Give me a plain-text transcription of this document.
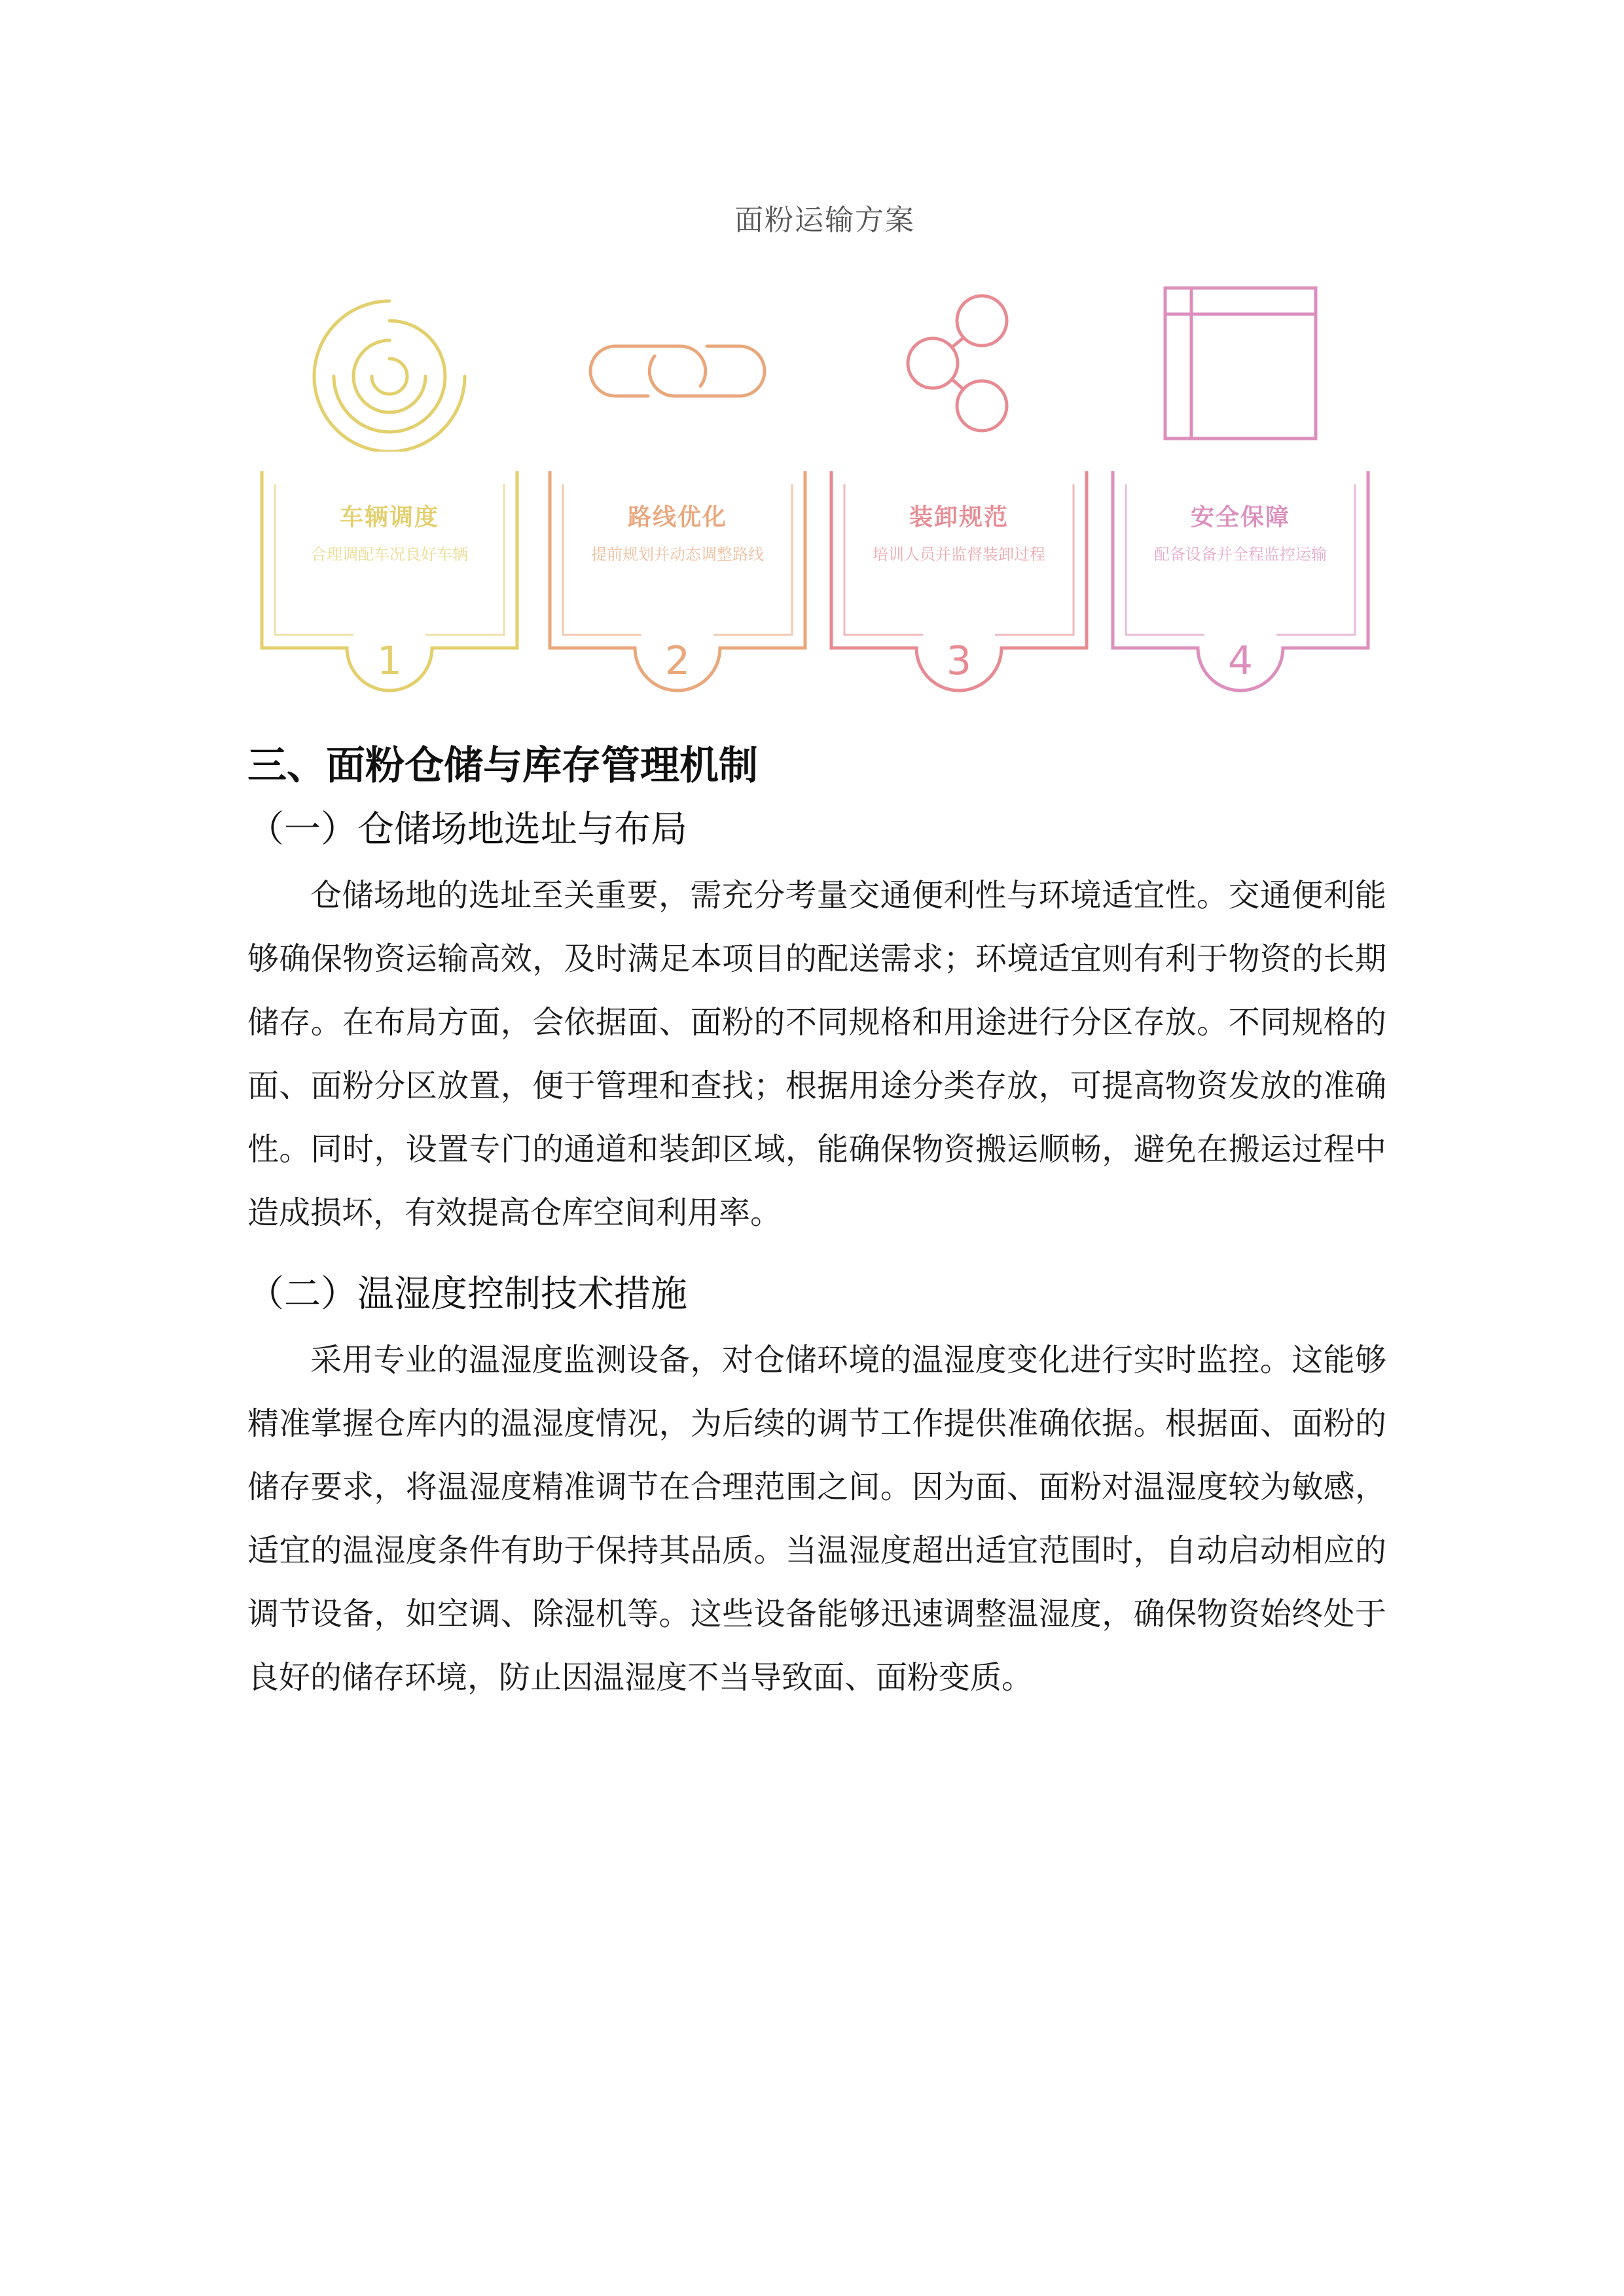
面粉运输方案
车辆调度
合理调配车况良好车辆
1
路线优化
提前规划并动态调整路线
2
装卸规范
培训人员并监督装卸过程
3
安全保障
配备设备并全程监控运输
4
三、面粉仓储与库存管理机制
（一）仓储场地选址与布局

仓储场地的选址至关重要，需充分考量交通便利性与环境适宜性。交通便利能够确保物资运输高效，及时满足本项目的配送需求；环境适宜则有利于物资的长期储存。在布局方面，会依据面、面粉的不同规格和用途进行分区存放。不同规格的面、面粉分区放置，便于管理和查找；根据用途分类存放，可提高物资发放的准确性。同时，设置专门的通道和装卸区域，能确保物资搬运顺畅，避免在搬运过程中造成损坏，有效提高仓库空间利用率。

（二）温湿度控制技术措施

采用专业的温湿度监测设备，对仓储环境的温湿度变化进行实时监控。这能够精准掌握仓库内的温湿度情况，为后续的调节工作提供准确依据。根据面、面粉的储存要求，将温湿度精准调节在合理范围之间。因为面、面粉对温湿度较为敏感，适宜的温湿度条件有助于保持其品质。当温湿度超出适宜范围时，自动启动相应的调节设备，如空调、除湿机等。这些设备能够迅速调整温湿度，确保物资始终处于良好的储存环境，防止因温湿度不当导致面、面粉变质。
